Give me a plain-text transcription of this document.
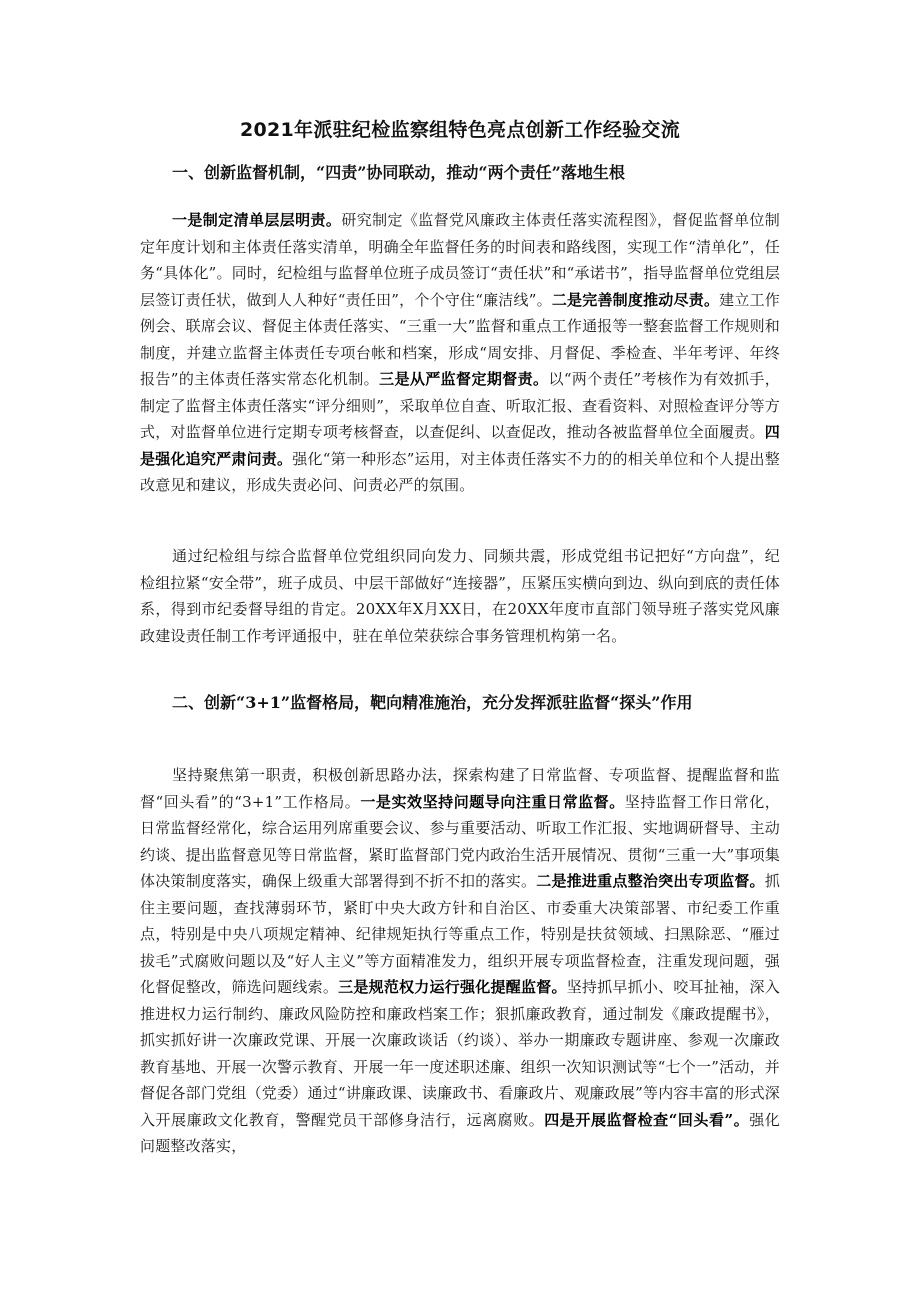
2021年派驻纪检监察组特色亮点创新工作经验交流

一、创新监督机制，“四责”协同联动，推动“两个责任”落地生根

一是制定清单层层明责。研究制定《监督党风廉政主体责任落实流程图》，督促监督单位制定年度计划和主体责任落实清单，明确全年监督任务的时间表和路线图，实现工作“清单化”，任务“具体化”。同时，纪检组与监督单位班子成员签订“责任状”和“承诺书”，指导监督单位党组层层签订责任状，做到人人种好“责任田”，个个守住“廉洁线”。二是完善制度推动尽责。建立工作例会、联席会议、督促主体责任落实、“三重一大”监督和重点工作通报等一整套监督工作规则和制度，并建立监督主体责任专项台帐和档案，形成“周安排、月督促、季检查、半年考评、年终报告”的主体责任落实常态化机制。三是从严监督定期督责。以“两个责任”考核作为有效抓手，制定了监督主体责任落实“评分细则”，采取单位自查、听取汇报、查看资料、对照检查评分等方式，对监督单位进行定期专项考核督查，以查促纠、以查促改，推动各被监督单位全面履责。四是强化追究严肃问责。强化“第一种形态”运用，对主体责任落实不力的的相关单位和个人提出整改意见和建议，形成失责必问、问责必严的氛围。

通过纪检组与综合监督单位党组织同向发力、同频共震，形成党组书记把好“方向盘”，纪检组拉紧“安全带”，班子成员、中层干部做好“连接器”，压紧压实横向到边、纵向到底的责任体系，得到市纪委督导组的肯定。20XX年X月XX日，在20XX年度市直部门领导班子落实党风廉政建设责任制工作考评通报中，驻在单位荣获综合事务管理机构第一名。

二、创新“3+1”监督格局，靶向精准施治，充分发挥派驻监督“探头”作用

坚持聚焦第一职责，积极创新思路办法，探索构建了日常监督、专项监督、提醒监督和监督“回头看”的“3+1”工作格局。一是实效坚持问题导向注重日常监督。坚持监督工作日常化，日常监督经常化，综合运用列席重要会议、参与重要活动、听取工作汇报、实地调研督导、主动约谈、提出监督意见等日常监督，紧盯监督部门党内政治生活开展情况、贯彻“三重一大”事项集体决策制度落实，确保上级重大部署得到不折不扣的落实。二是推进重点整治突出专项监督。抓住主要问题，查找薄弱环节，紧盯中央大政方针和自治区、市委重大决策部署、市纪委工作重点，特别是中央八项规定精神、纪律规矩执行等重点工作，特别是扶贫领域、扫黑除恶、“雁过拔毛”式腐败问题以及“好人主义”等方面精准发力，组织开展专项监督检查，注重发现问题，强化督促整改，筛选问题线索。三是规范权力运行强化提醒监督。坚持抓早抓小、咬耳扯袖，深入推进权力运行制约、廉政风险防控和廉政档案工作；狠抓廉政教育，通过制发《廉政提醒书》，抓实抓好讲一次廉政党课、开展一次廉政谈话（约谈）、举办一期廉政专题讲座、参观一次廉政教育基地、开展一次警示教育、开展一年一度述职述廉、组织一次知识测试等“七个一”活动，并督促各部门党组（党委）通过“讲廉政课、读廉政书、看廉政片、观廉政展”等内容丰富的形式深入开展廉政文化教育，警醒党员干部修身洁行，远离腐败。四是开展监督检查“回头看”。强化问题整改落实，
